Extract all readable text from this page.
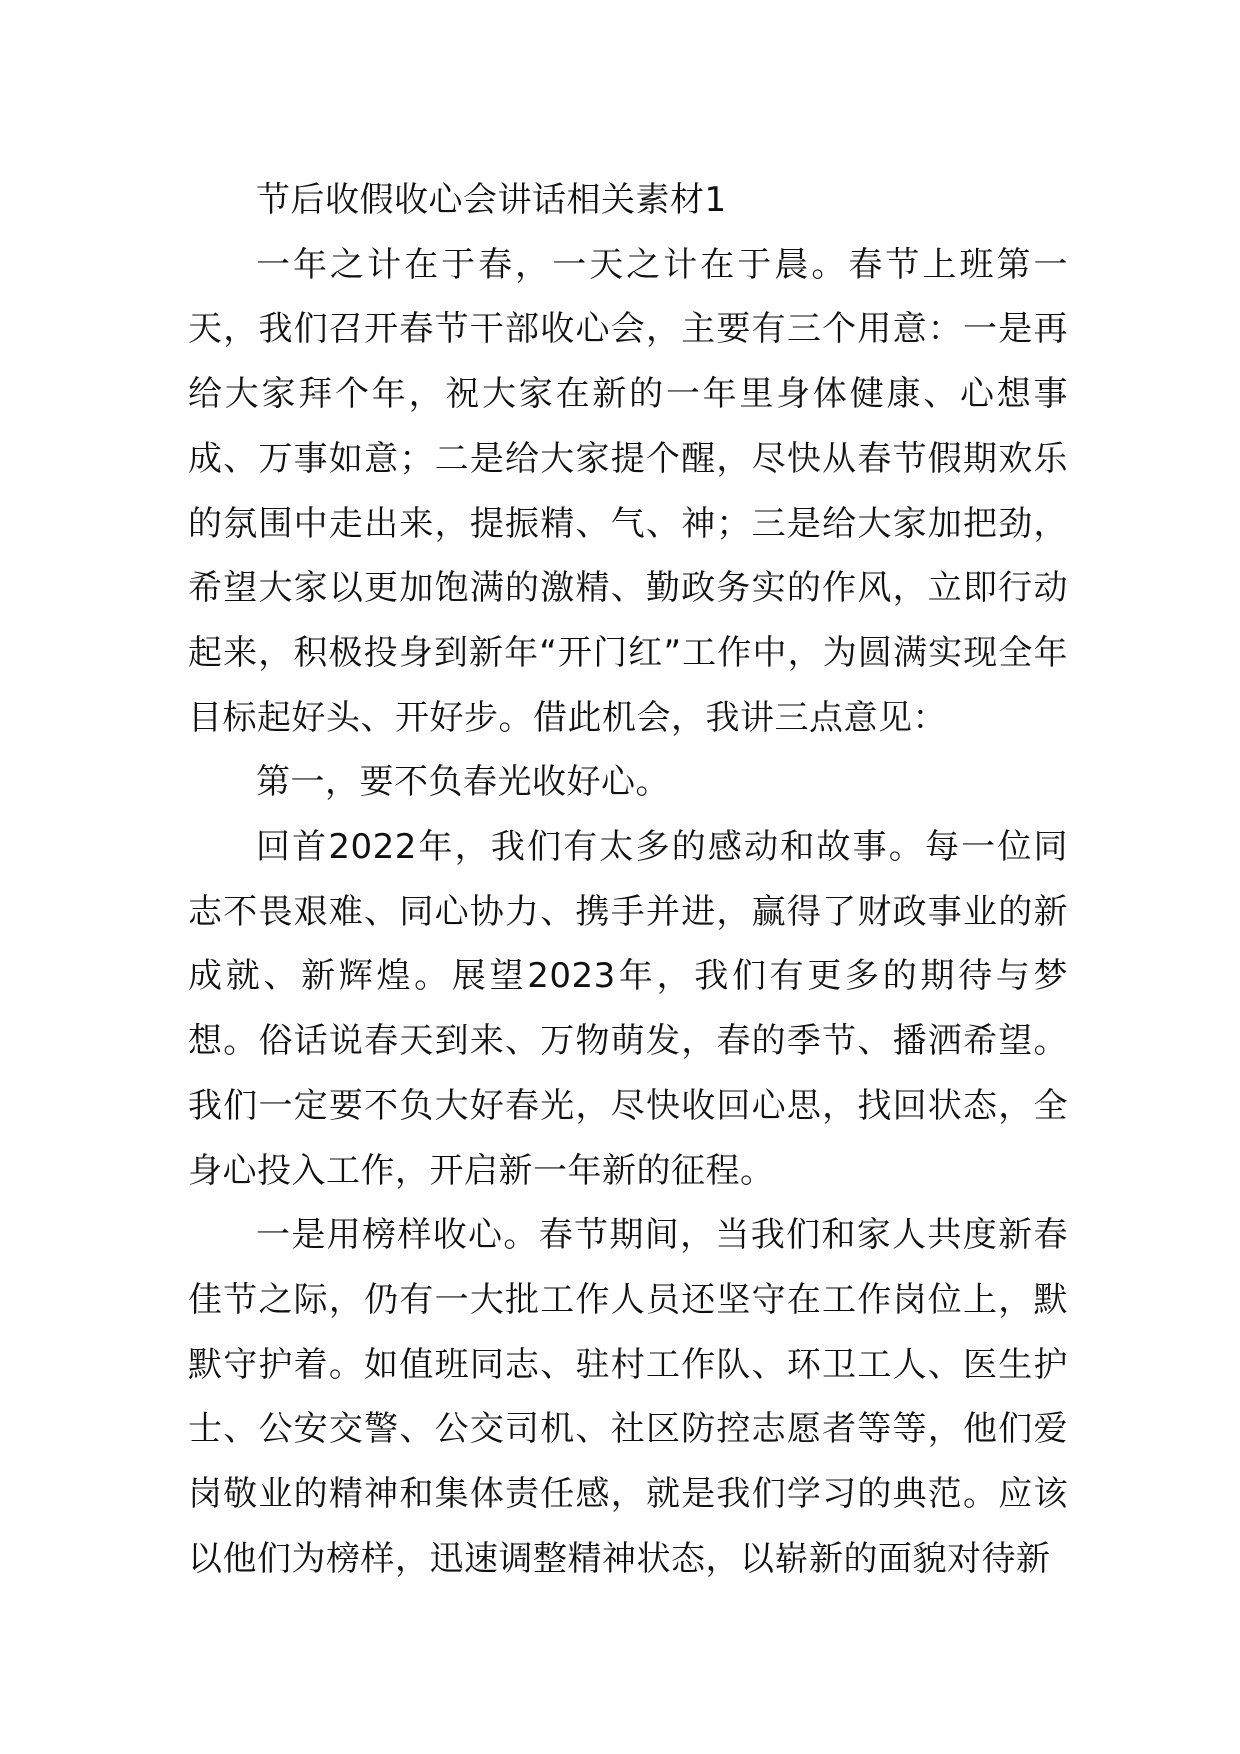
节后收假收心会讲话相关素材1

一年之计在于春，一天之计在于晨。春节上班第一天，我们召开春节干部收心会，主要有三个用意：一是再给大家拜个年，祝大家在新的一年里身体健康、心想事成、万事如意；二是给大家提个醒，尽快从春节假期欢乐的氛围中走出来，提振精、气、神；三是给大家加把劲，希望大家以更加饱满的激精、勤政务实的作风，立即行动起来，积极投身到新年“开门红”工作中，为圆满实现全年目标起好头、开好步。借此机会，我讲三点意见：

第一，要不负春光收好心。

回首2022年，我们有太多的感动和故事。每一位同志不畏艰难、同心协力、携手并进，赢得了财政事业的新成就、新辉煌。展望2023年，我们有更多的期待与梦想。俗话说春天到来、万物萌发，春的季节、播洒希望。我们一定要不负大好春光，尽快收回心思，找回状态，全身心投入工作，开启新一年新的征程。

一是用榜样收心。春节期间，当我们和家人共度新春佳节之际，仍有一大批工作人员还坚守在工作岗位上，默默守护着。如值班同志、驻村工作队、环卫工人、医生护士、公安交警、公交司机、社区防控志愿者等等，他们爱岗敬业的精神和集体责任感，就是我们学习的典范。应该以他们为榜样，迅速调整精神状态，以崭新的面貌对待新
